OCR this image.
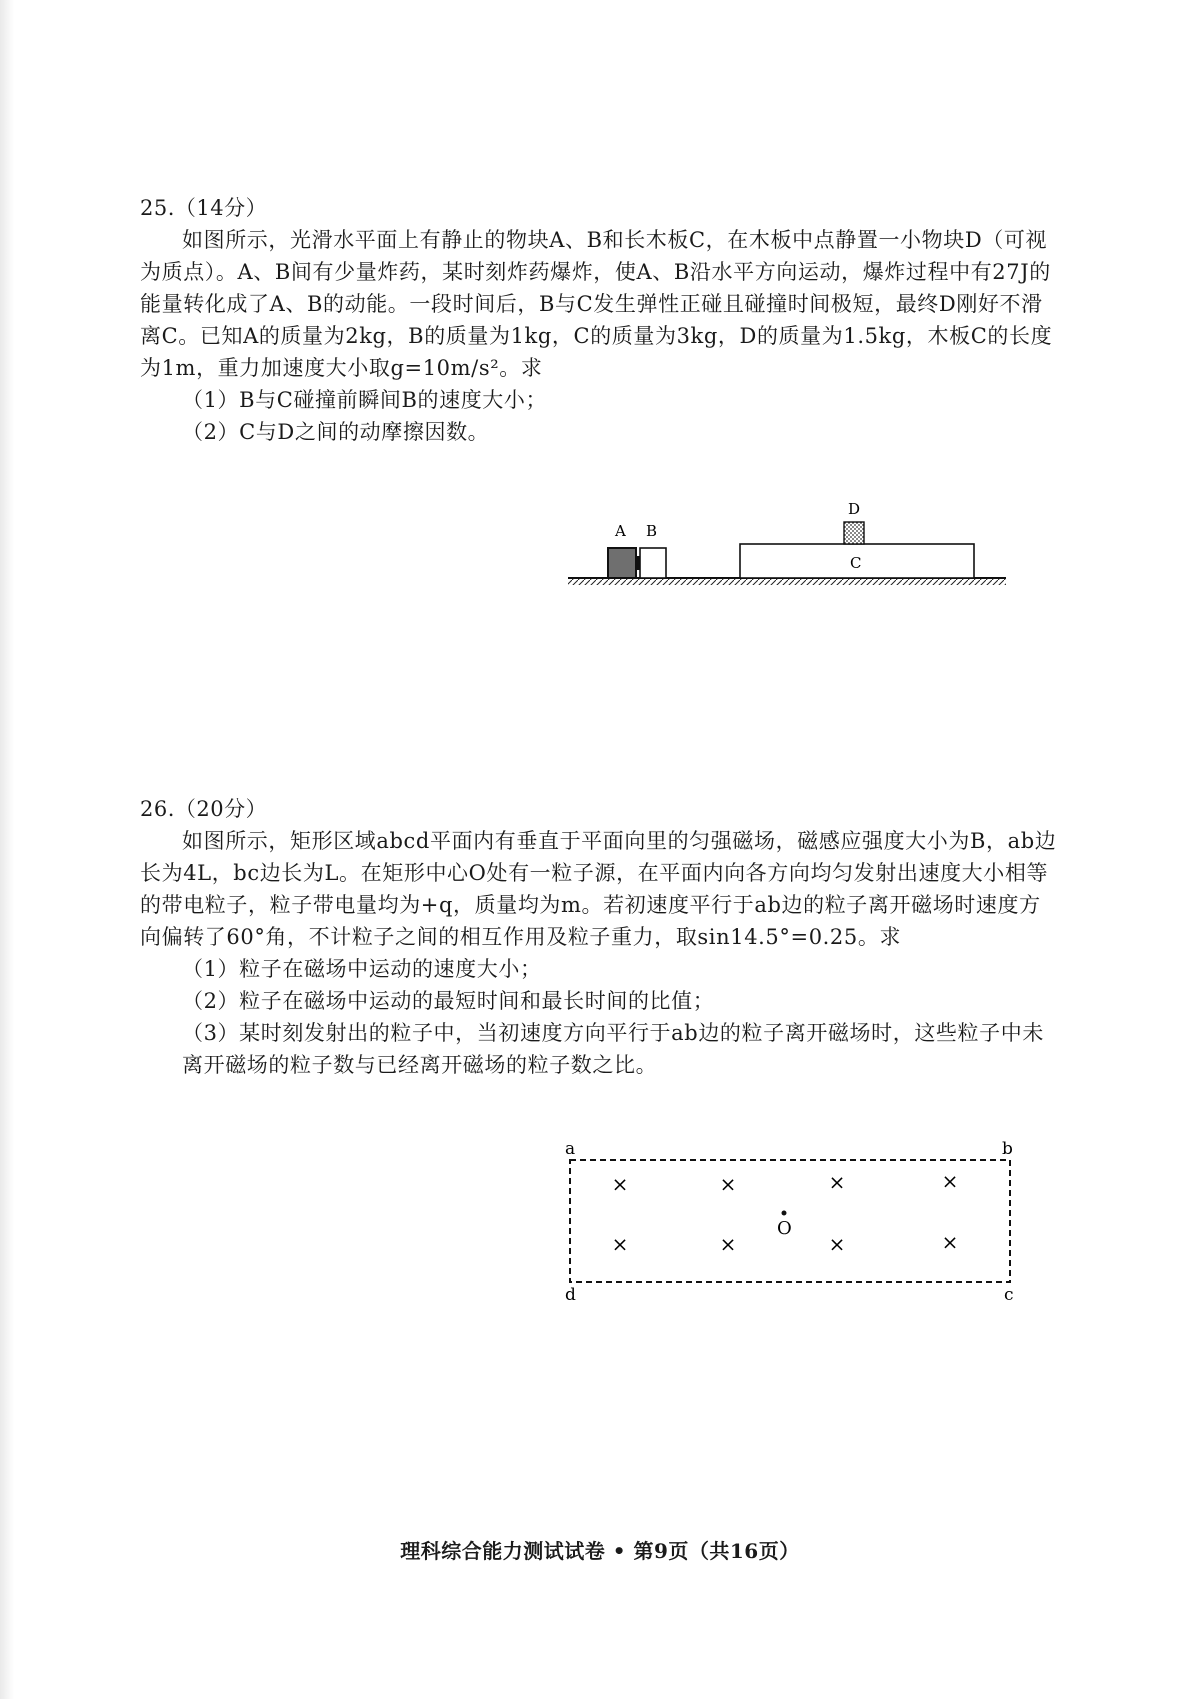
25.（14分）

如图所示，光滑水平面上有静止的物块A、B和长木板C，在木板中点静置一小物块D（可视为质点）。A、B间有少量炸药，某时刻炸药爆炸，使A、B沿水平方向运动，爆炸过程中有27J的能量转化成了A、B的动能。一段时间后，B与C发生弹性正碰且碰撞时间极短，最终D刚好不滑离C。已知A的质量为2kg，B的质量为1kg，C的质量为3kg，D的质量为1.5kg，木板C的长度为1m，重力加速度大小取g=10m/s²。求

（1）B与C碰撞前瞬间B的速度大小；
（2）C与D之间的动摩擦因数。
A B
C
D
26.（20分）

如图所示，矩形区域abcd平面内有垂直于平面向里的匀强磁场，磁感应强度大小为B，ab边长为4L，bc边长为L。在矩形中心O处有一粒子源，在平面内向各方向均匀发射出速度大小相等的带电粒子，粒子带电量均为+q，质量均为m。若初速度平行于ab边的粒子离开磁场时速度方向偏转了60°角，不计粒子之间的相互作用及粒子重力，取sin14.5°=0.25。求

（1）粒子在磁场中运动的速度大小；
（2）粒子在磁场中运动的最短时间和最长时间的比值；
（3）某时刻发射出的粒子中，当初速度方向平行于ab边的粒子离开磁场时，这些粒子中未离开磁场的粒子数与已经离开磁场的粒子数之比。
a	b
c
d
O
×	×	×	×
×	×	×	×
理科综合能力测试试卷 • 第9页（共16页）
